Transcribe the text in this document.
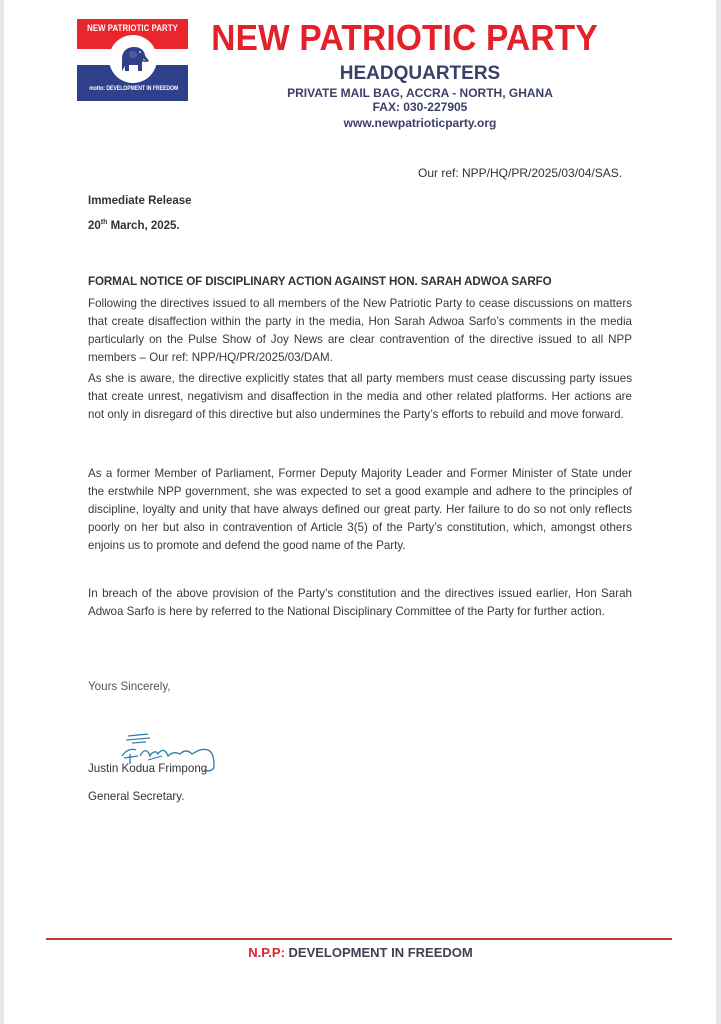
NEW PATRIOTIC PARTY
motto: DEVELOPMENT IN FREEDOM
NEW PATRIOTIC PARTY
HEADQUARTERS
PRIVATE MAIL BAG, ACCRA - NORTH, GHANA
FAX: 030-227905
www.newpatrioticparty.org
Our ref: NPP/HQ/PR/2025/03/04/SAS.
Immediate Release
20th March, 2025.
FORMAL NOTICE OF DISCIPLINARY ACTION AGAINST HON. SARAH ADWOA SARFO
Following the directives issued to all members of the New Patriotic Party to cease discussions on matters that create disaffection within the party in the media, Hon Sarah Adwoa Sarfo’s comments in the media particularly on the Pulse Show of Joy News are clear contravention of the directive issued to all NPP members – Our ref: NPP/HQ/PR/2025/03/DAM.
As she is aware, the directive explicitly states that all party members must cease discussing party issues that create unrest, negativism and disaffection in the media and other related platforms. Her actions are not only in disregard of this directive but also undermines the Party’s efforts to rebuild and move forward.
As a former Member of Parliament, Former Deputy Majority Leader and Former Minister of State under the erstwhile NPP government, she was expected to set a good example and adhere to the principles of discipline, loyalty and unity that have always defined our great party. Her failure to do so not only reflects poorly on her but also in contravention of Article 3(5) of the Party’s constitution, which, amongst others enjoins us to promote and defend the good name of the Party.
In breach of the above provision of the Party’s constitution and the directives issued earlier, Hon Sarah Adwoa Sarfo is here by referred to the National Disciplinary Committee of the Party for further action.
Yours Sincerely,
Justin Kodua Frimpong
General Secretary.
N.P.P: DEVELOPMENT IN FREEDOM
